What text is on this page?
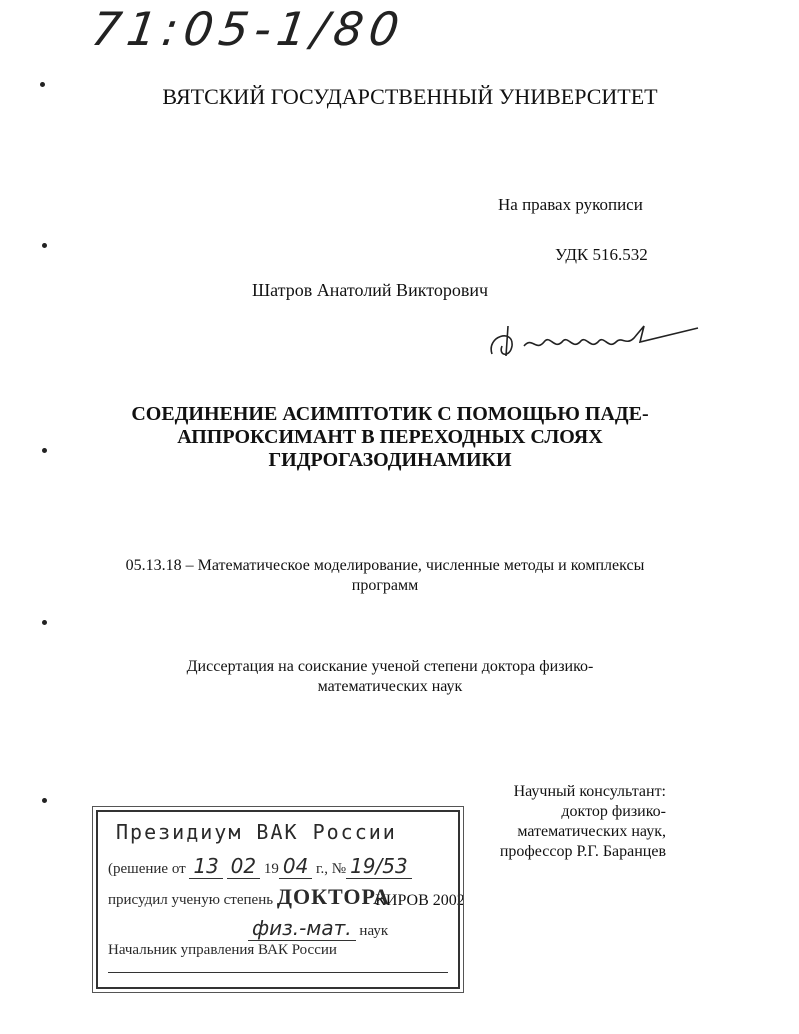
71:05-1/80
ВЯТСКИЙ ГОСУДАРСТВЕННЫЙ УНИВЕРСИТЕТ
На правах рукописи
УДК 516.532
Шатров Анатолий Викторович
СОЕДИНЕНИЕ АСИМПТОТИК С ПОМОЩЬЮ ПАДЕ-АППРОКСИМАНТ В ПЕРЕХОДНЫХ СЛОЯХ ГИДРОГАЗОДИНАМИКИ
05.13.18 – Математическое моделирование, численные методы и комплексы программ
Диссертация на соискание ученой степени доктора физико-математических наук
Научный консультант:
доктор физико-математических наук,
профессор Р.Г. Баранцев
КИРОВ 2002
Президиум ВАК России
(решение от 13 02 19 04 г., № 19/53
присудил ученую степень ДОКТОРА
физ.-мат. наук
Начальник управления ВАК России
